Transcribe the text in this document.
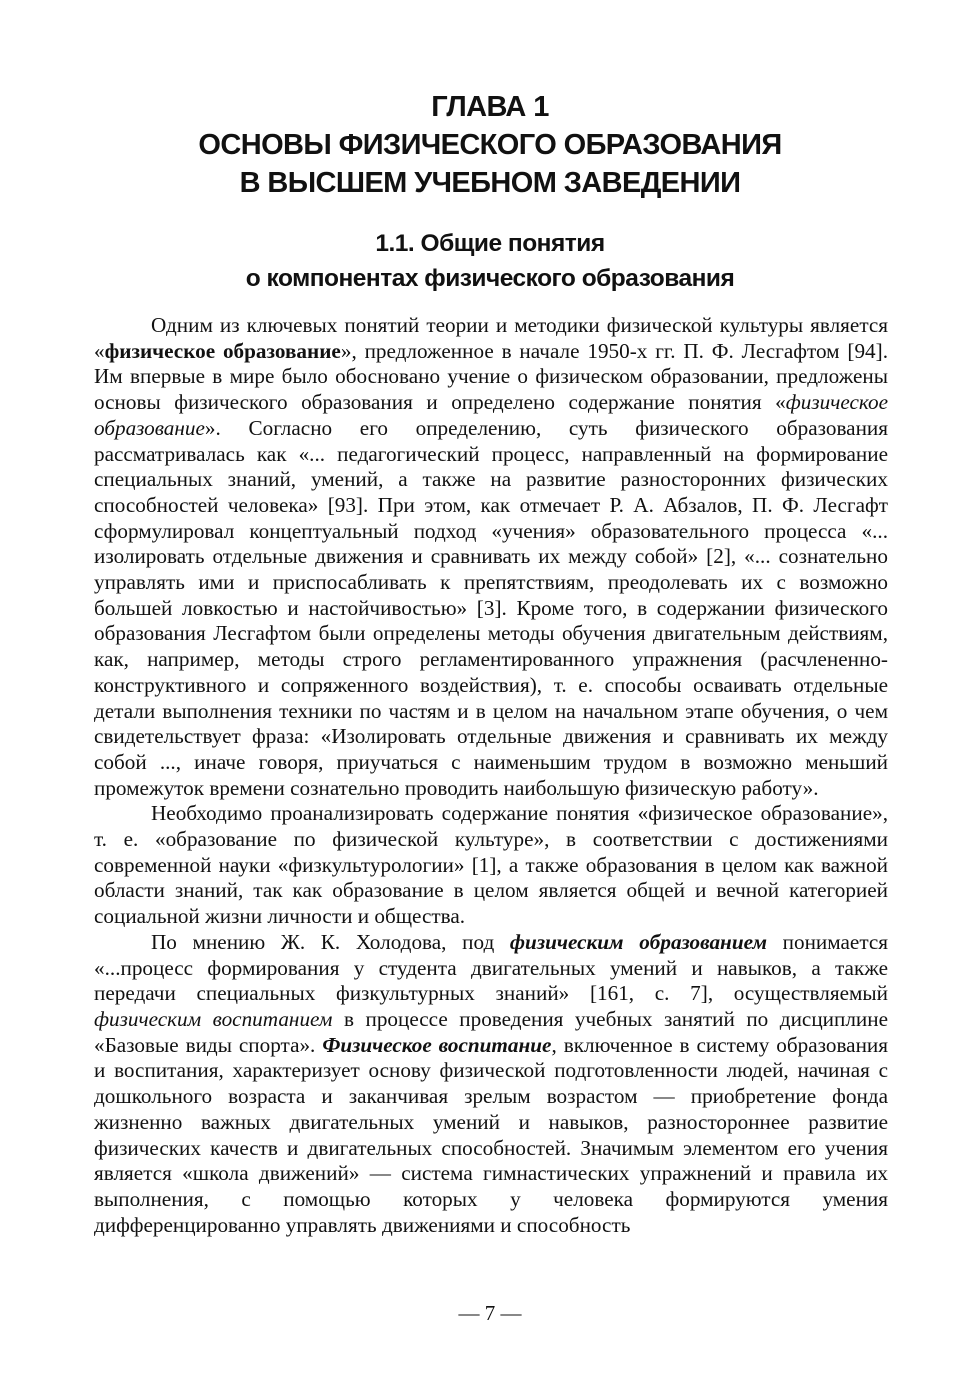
ГЛАВА 1
ОСНОВЫ ФИЗИЧЕСКОГО ОБРАЗОВАНИЯ
В ВЫСШЕМ УЧЕБНОМ ЗАВЕДЕНИИ
1.1. Общие понятия
о компонентах физического образования

Одним из ключевых понятий теории и методики физической культуры является «физическое образование», предложенное в начале 1950-х гг. П. Ф. Лесгафтом [94]. Им впервые в мире было обосновано учение о физическом образовании, предложены основы физического образования и определено содержание понятия «физическое образование». Согласно его определению, суть физического образования рассматривалась как «... педагогический процесс, направленный на формирование специальных знаний, умений, а также на развитие разносторонних физических способностей человека» [93]. При этом, как отмечает Р. А. Абзалов, П. Ф. Лесгафт сформулировал концептуальный подход «учения» образовательного процесса «... изолировать отдельные движения и сравнивать их между собой» [2], «... сознательно управлять ими и приспосабливать к препятствиям, преодолевать их с возможно большей ловкостью и настойчивостью» [3]. Кроме того, в содержании физического образования Лесгафтом были определены методы обучения двигательным действиям, как, например, методы строго регламентированного упражнения (расчлененно-конструктивного и сопряженного воздействия), т. е. способы осваивать отдельные детали выполнения техники по частям и в целом на начальном этапе обучения, о чем свидетельствует фраза: «Изолировать отдельные движения и сравнивать их между собой ..., иначе говоря, приучаться с наименьшим трудом в возможно меньший промежуток времени сознательно проводить наибольшую физическую работу».

Необходимо проанализировать содержание понятия «физическое образование», т. е. «образование по физической культуре», в соответствии с достижениями современной науки «физкультурологии» [1], а также образования в целом как важной области знаний, так как образование в целом является общей и вечной категорией социальной жизни личности и общества.

По мнению Ж. К. Холодова, под физическим образованием понимается «...процесс формирования у студента двигательных умений и навыков, а также передачи специальных физкультурных знаний» [161, с. 7], осуществляемый физическим воспитанием в процессе проведения учебных занятий по дисциплине «Базовые виды спорта». Физическое воспитание, включенное в систему образования и воспитания, характеризует основу физической подготовленности людей, начиная с дошкольного возраста и заканчивая зрелым возрастом — приобретение фонда жизненно важных двигательных умений и навыков, разностороннее развитие физических качеств и двигательных способностей. Значимым элементом его учения является «школа движений» — система гимнастических упражнений и правила их выполнения, с помощью которых у человека формируются умения дифференцированно управлять движениями и способность

— 7 —
